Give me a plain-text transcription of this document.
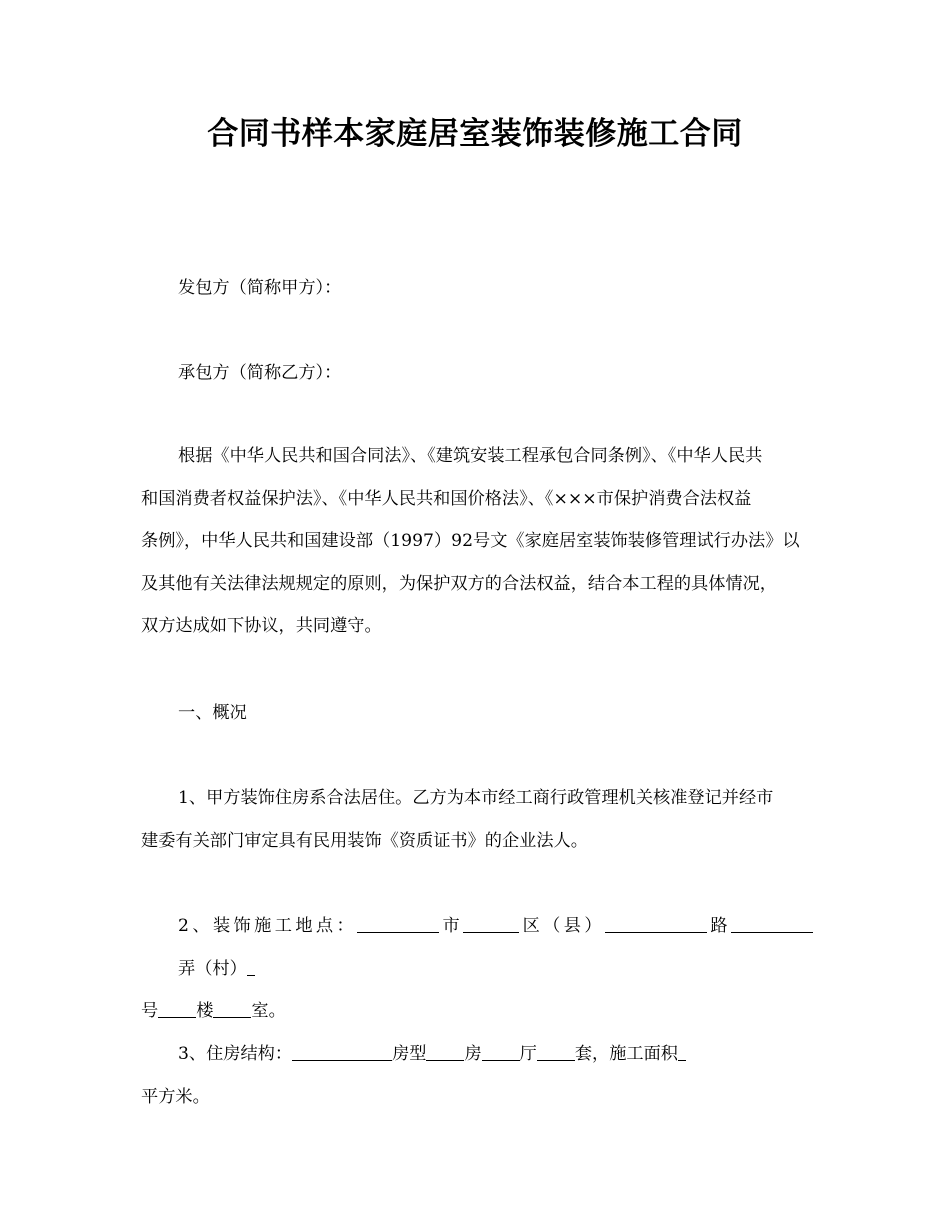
合同书样本家庭居室装饰装修施工合同
发包方（简称甲方）：
承包方（简称乙方）：
根据《中华人民共和国合同法》、《建筑安装工程承包合同条例》、《中华人民共
和国消费者权益保护法》、《中华人民共和国价格法》、《×××市保护消费合法权益
条例》，中华人民共和国建设部（1997）92号文《家庭居室装饰装修管理试行办法》以
及其他有关法律法规规定的原则，为保护双方的合法权益，结合本工程的具体情况，
双方达成如下协议，共同遵守。
一、概况
1、甲方装饰住房系合法居住。乙方为本市经工商行政管理机关核准登记并经市
建委有关部门审定具有民用装饰《资质证书》的企业法人。
2、装饰施工地点：	市	区（县）	路弄（村）
号 楼 室。
3、住房结构：	房型 房 厅 套，施工面积
平方米。
